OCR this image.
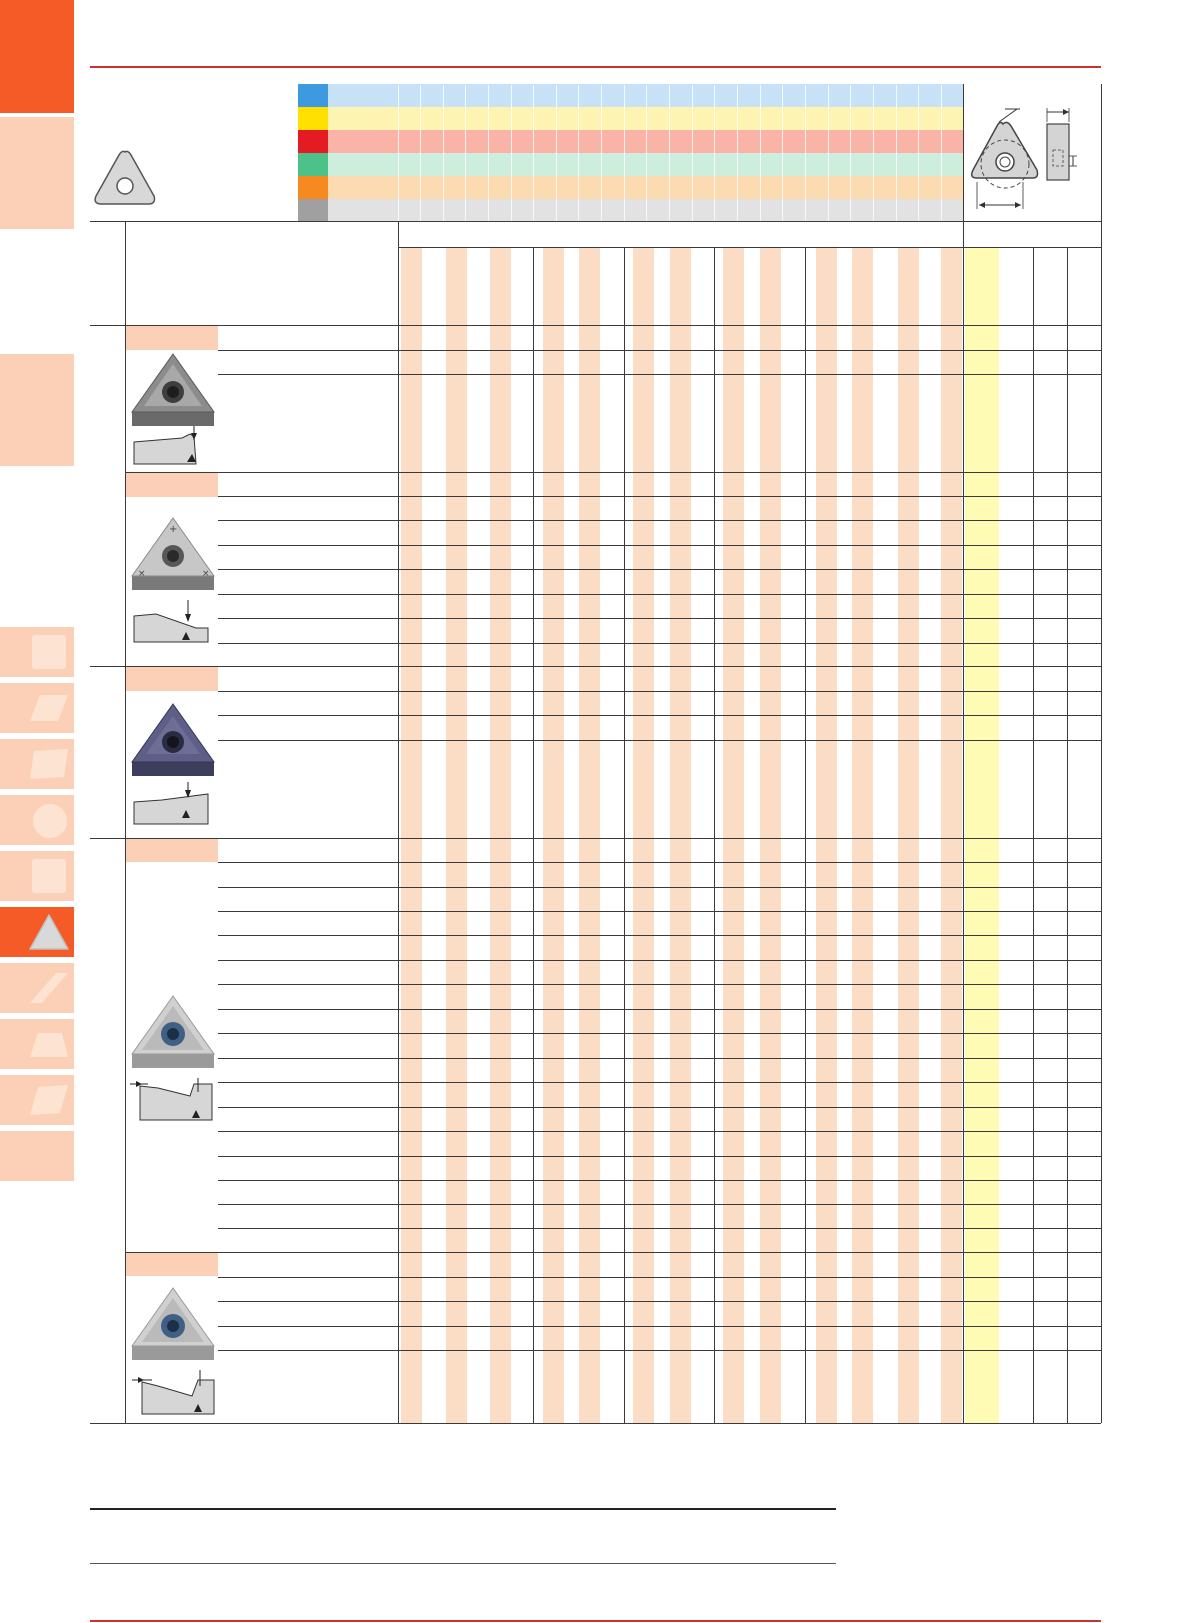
+
×	×
